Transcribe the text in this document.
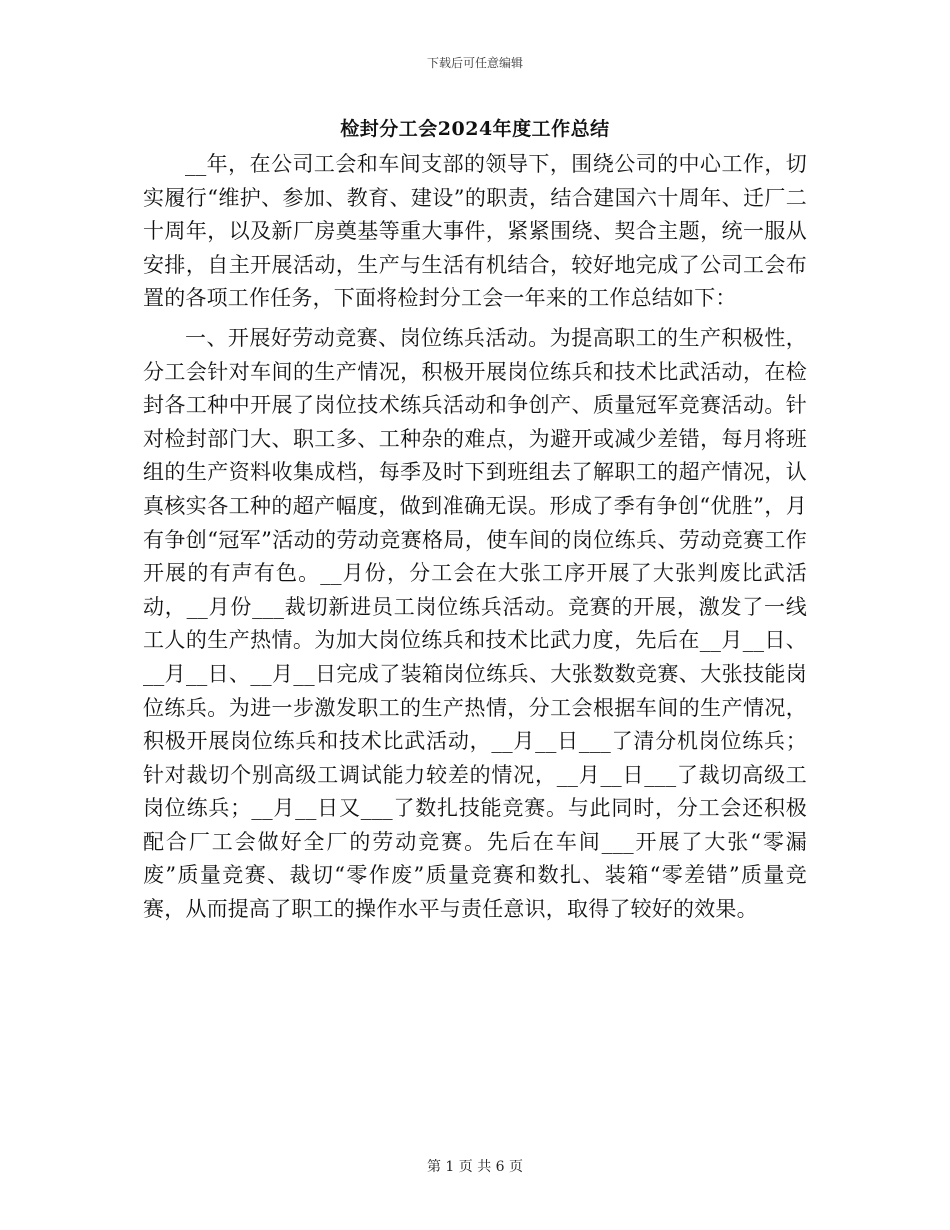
下载后可任意编辑
检封分工会2024年度工作总结

__年，在公司工会和车间支部的领导下，围绕公司的中心工作，切实履行“维护、参加、教育、建设”的职责，结合建国六十周年、迁厂二十周年，以及新厂房奠基等重大事件，紧紧围绕、契合主题，统一服从安排，自主开展活动，生产与生活有机结合，较好地完成了公司工会布置的各项工作任务，下面将检封分工会一年来的工作总结如下：

一、开展好劳动竞赛、岗位练兵活动。为提高职工的生产积极性，分工会针对车间的生产情况，积极开展岗位练兵和技术比武活动，在检封各工种中开展了岗位技术练兵活动和争创产、质量冠军竞赛活动。针对检封部门大、职工多、工种杂的难点，为避开或减少差错，每月将班组的生产资料收集成档，每季及时下到班组去了解职工的超产情况，认真核实各工种的超产幅度，做到准确无误。形成了季有争创“优胜”，月有争创“冠军”活动的劳动竞赛格局，使车间的岗位练兵、劳动竞赛工作开展的有声有色。__月份，分工会在大张工序开展了大张判废比武活动，__月份___裁切新进员工岗位练兵活动。竞赛的开展，激发了一线工人的生产热情。为加大岗位练兵和技术比武力度，先后在__月__日、__月__日、__月__日完成了装箱岗位练兵、大张数数竞赛、大张技能岗位练兵。为进一步激发职工的生产热情，分工会根据车间的生产情况，积极开展岗位练兵和技术比武活动，__月__日___了清分机岗位练兵；针对裁切个别高级工调试能力较差的情况，__月__日___了裁切高级工岗位练兵；__月__日又___了数扎技能竞赛。与此同时，分工会还积极配合厂工会做好全厂的劳动竞赛。先后在车间___开展了大张“零漏废”质量竞赛、裁切“零作废”质量竞赛和数扎、装箱“零差错”质量竞赛，从而提高了职工的操作水平与责任意识，取得了较好的效果。

第 1 页 共 6 页
